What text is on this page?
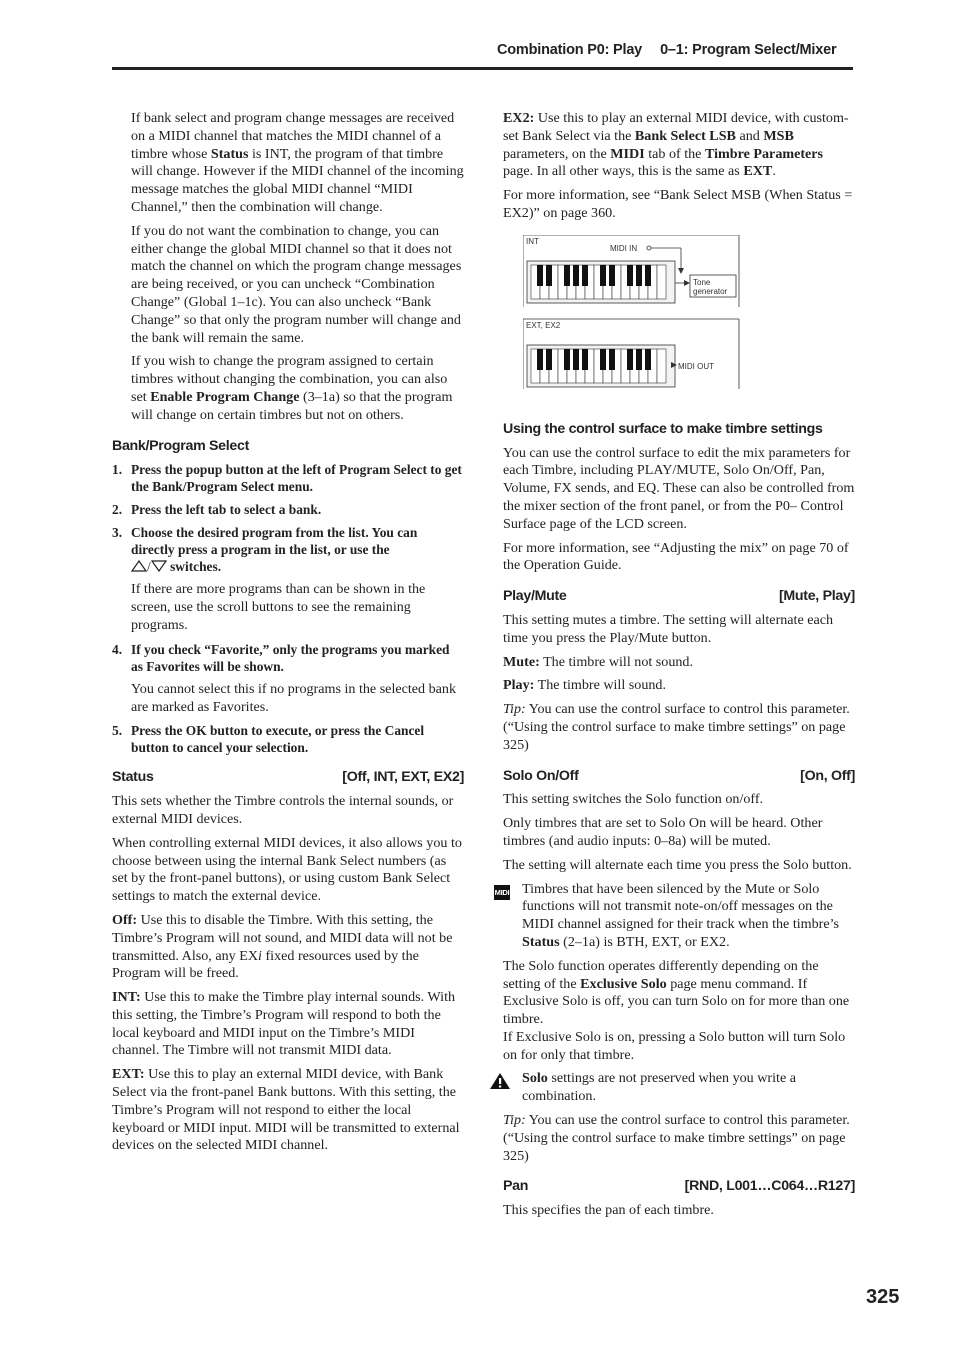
Combination P0: Play 0–1: Program Select/Mixer

If bank select and program change messages are received on a MIDI channel that matches the MIDI channel of a timbre whose Status is INT, the program of that timbre will change. However if the MIDI channel of the incoming message matches the global MIDI channel “MIDI Channel,” then the combination will change.

If you do not want the combination to change, you can either change the global MIDI channel so that it does not match the channel on which the program change messages are being received, or you can uncheck “Combination Change” (Global 1–1c). You can also uncheck “Bank Change” so that only the program number will change and the bank will remain the same.

If you wish to change the program assigned to certain timbres without changing the combination, you can also set Enable Program Change (3–1a) so that the program will change on certain timbres but not on others.

Bank/Program Select
1. Press the popup button at the left of Program Select to get the Bank/Program Select menu.
2. Press the left tab to select a bank.
3. Choose the desired program from the list. You can directly press a program in the list, or use the
/ switches.

If there are more programs than can be shown in the screen, use the scroll buttons to see the remaining programs.

4. If you check “Favorite,” only the programs you marked as Favorites will be shown.

You cannot select this if no programs in the selected bank are marked as Favorites.

5. Press the OK button to execute, or press the Cancel button to cancel your selection.
Status	[Off, INT, EXT, EX2]

This sets whether the Timbre controls the internal sounds, or external MIDI devices.

When controlling external MIDI devices, it also allows you to choose between using the internal Bank Select numbers (as set by the front-panel buttons), or using custom Bank Select settings to match the external device.

Off: Use this to disable the Timbre. With this setting, the Timbre’s Program will not sound, and MIDI data will not be transmitted. Also, any EXi fixed resources used by the Program will be freed.

INT: Use this to make the Timbre play internal sounds. With this setting, the Timbre’s Program will respond to both the local keyboard and MIDI input on the Timbre’s MIDI channel. The Timbre will not transmit MIDI data.

EXT: Use this to play an external MIDI device, with Bank Select via the front-panel Bank buttons. With this setting, the Timbre’s Program will not respond to either the local keyboard or MIDI input. MIDI will be transmitted to external devices on the selected MIDI channel.

EX2: Use this to play an external MIDI device, with custom-set Bank Select via the Bank Select LSB and MSB parameters, on the MIDI tab of the Timbre Parameters page. In all other ways, this is the same as EXT.

For more information, see “Bank Select MSB (When Status = EX2)” on page 360.

INT
MIDI IN
Tone
generator
EXT, EX2
MIDI OUT
Using the control surface to make timbre settings

You can use the control surface to edit the mix parameters for each Timbre, including PLAY/MUTE, Solo On/Off, Pan, Volume, FX sends, and EQ. These can also be controlled from the mixer section of the front panel, or from the P0– Control Surface page of the LCD screen.

For more information, see “Adjusting the mix” on page 70 of the Operation Guide.

Play/Mute	[Mute, Play]

This setting mutes a timbre. The setting will alternate each time you press the Play/Mute button.

Mute: The timbre will not sound.

Play: The timbre will sound.

Tip: You can use the control surface to control this parameter. (“Using the control surface to make timbre settings” on page 325)

Solo On/Off	[On, Off]

This setting switches the Solo function on/off.

Only timbres that are set to Solo On will be heard. Other timbres (and audio inputs: 0–8a) will be muted.

The setting will alternate each time you press the Solo button.

MIDI Timbres that have been silenced by the Mute or Solo functions will not transmit note-on/off messages on the MIDI channel assigned for their track when the timbre’s Status (2–1a) is BTH, EXT, or EX2.

The Solo function operates differently depending on the setting of the Exclusive Solo page menu command. If Exclusive Solo is off, you can turn Solo on for more than one timbre.
If Exclusive Solo is on, pressing a Solo button will turn Solo on for only that timbre.

Solo settings are not preserved when you write a combination.

Tip: You can use the control surface to control this parameter. (“Using the control surface to make timbre settings” on page 325)

Pan	[RND, L001…C064…R127]

This specifies the pan of each timbre.

325
